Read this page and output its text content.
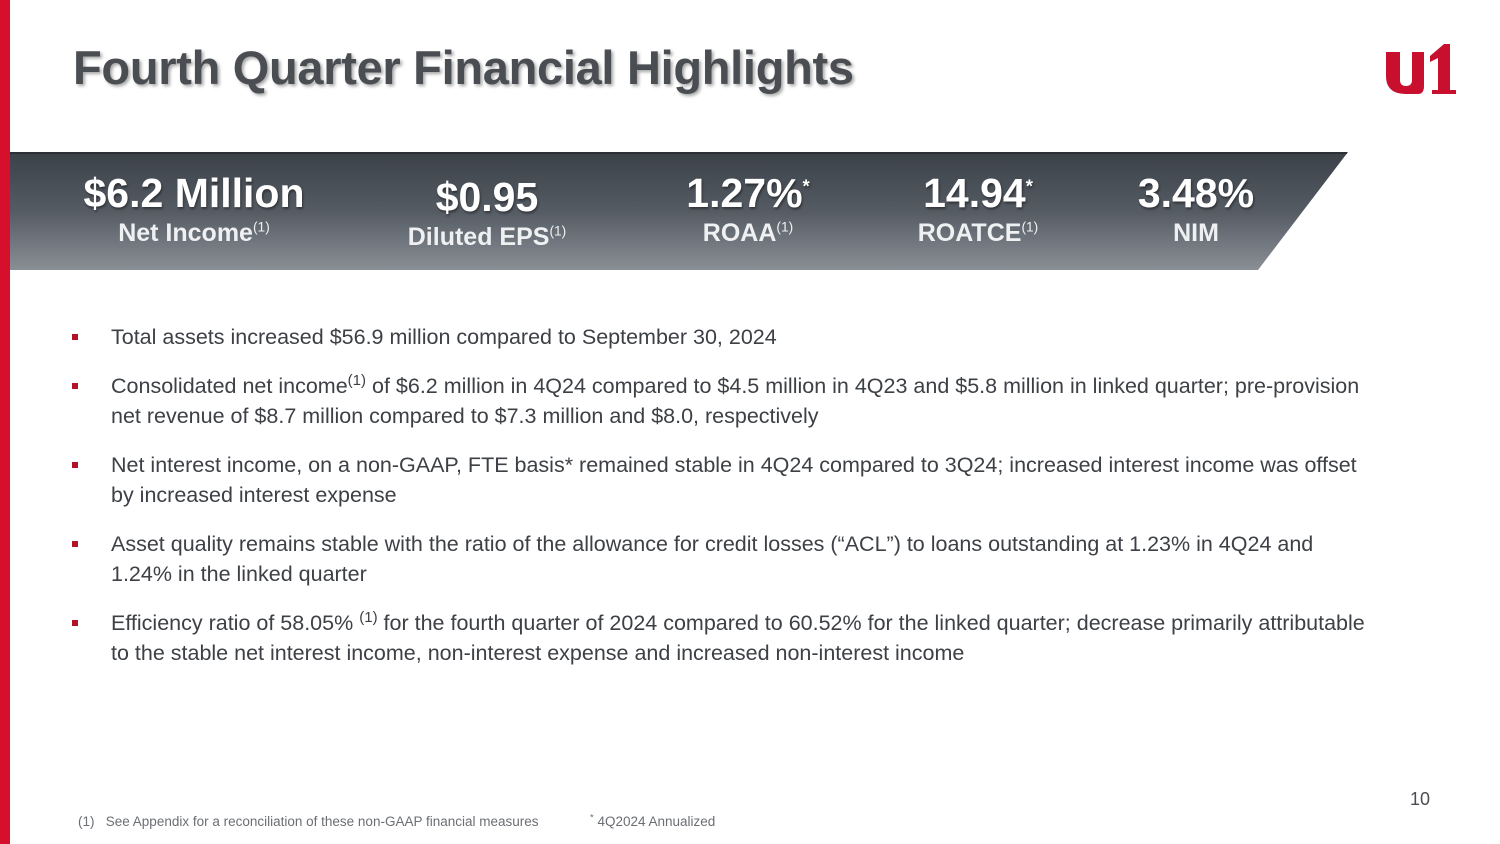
Fourth Quarter Financial Highlights
$6.2 Million
Net Income$^{(1)}$
$0.95
Diluted EPS$^{(1)}$
1.27%*
ROAA$^{(1)}$
14.94*
ROATCE$^{(1)}$
3.48%
NIM
Total assets increased $56.9 million compared to September 30, 2024
Consolidated net income$^{(1)}$ of $6.2 million in 4Q24 compared to $4.5 million in 4Q23 and $5.8 million in linked quarter; pre-provision net revenue of $8.7 million compared to $7.3 million and $8.0, respectively
Net interest income, on a non-GAAP, FTE basis* remained stable in 4Q24 compared to 3Q24; increased interest income was offset by increased interest expense
Asset quality remains stable with the ratio of the allowance for credit losses (“ACL”) to loans outstanding at 1.23% in 4Q24 and 1.24% in the linked quarter
Efficiency ratio of 58.05% $^{(1)}$ for the fourth quarter of 2024 compared to 60.52% for the linked quarter; decrease primarily attributable to the stable net interest income, non-interest expense and increased non-interest income
10
(1) See Appendix for a reconciliation of these non-GAAP financial measures	* 4Q2024 Annualized
